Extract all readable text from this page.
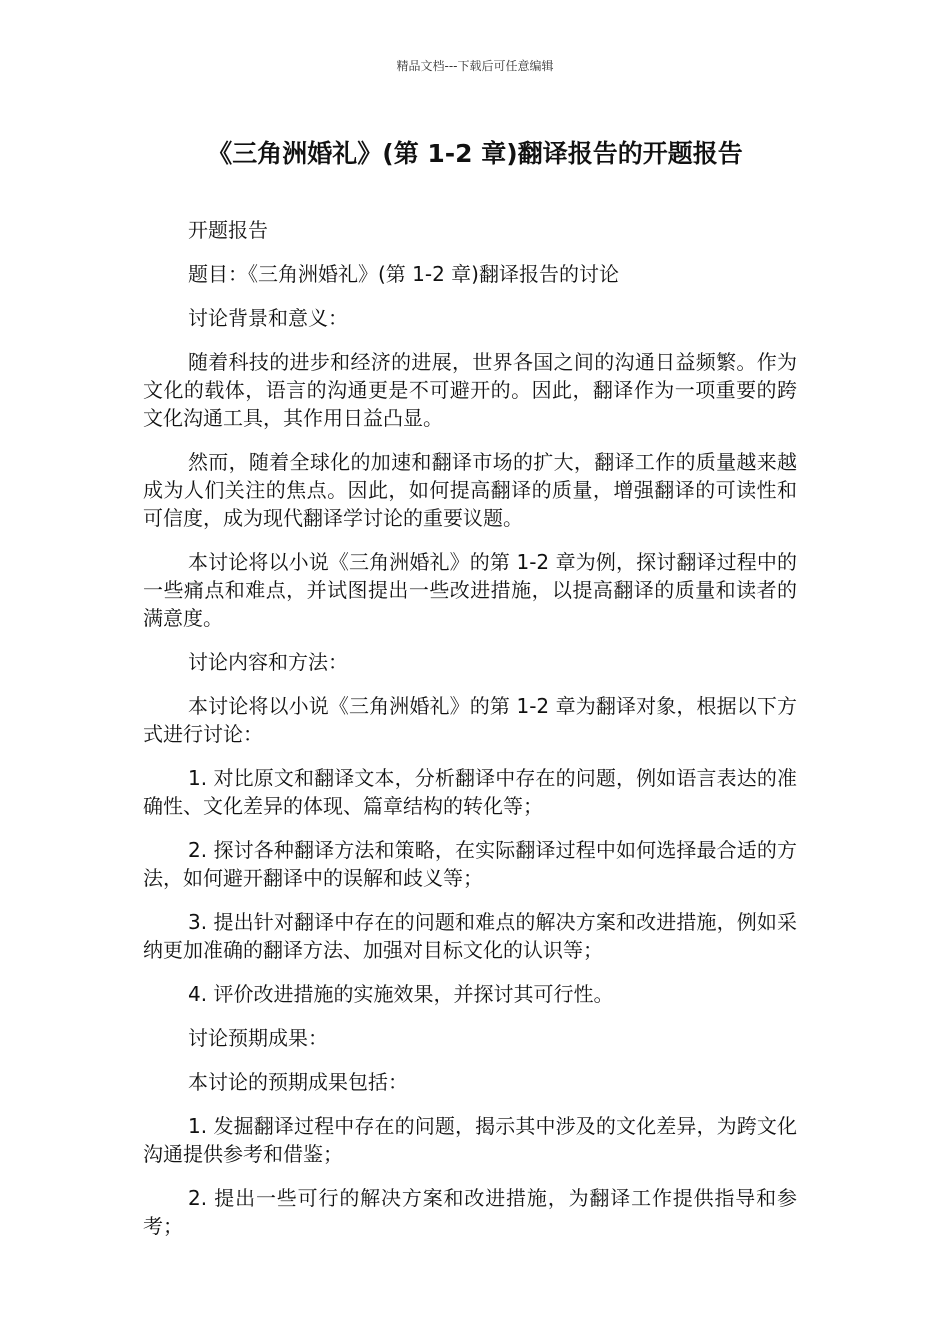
精品文档---下载后可任意编辑
《三角洲婚礼》(第 1-2 章)翻译报告的开题报告

开题报告

题目：《三角洲婚礼》(第 1-2 章)翻译报告的讨论

讨论背景和意义：

随着科技的进步和经济的进展，世界各国之间的沟通日益频繁。作为文化的载体，语言的沟通更是不可避开的。因此，翻译作为一项重要的跨文化沟通工具，其作用日益凸显。

然而，随着全球化的加速和翻译市场的扩大，翻译工作的质量越来越成为人们关注的焦点。因此，如何提高翻译的质量，增强翻译的可读性和可信度，成为现代翻译学讨论的重要议题。

本讨论将以小说《三角洲婚礼》的第 1-2 章为例，探讨翻译过程中的一些痛点和难点，并试图提出一些改进措施，以提高翻译的质量和读者的满意度。

讨论内容和方法：

本讨论将以小说《三角洲婚礼》的第 1-2 章为翻译对象，根据以下方式进行讨论：

1. 对比原文和翻译文本，分析翻译中存在的问题，例如语言表达的准确性、文化差异的体现、篇章结构的转化等；

2. 探讨各种翻译方法和策略，在实际翻译过程中如何选择最合适的方法，如何避开翻译中的误解和歧义等；

3. 提出针对翻译中存在的问题和难点的解决方案和改进措施，例如采纳更加准确的翻译方法、加强对目标文化的认识等；

4. 评价改进措施的实施效果，并探讨其可行性。

讨论预期成果：

本讨论的预期成果包括：

1. 发掘翻译过程中存在的问题，揭示其中涉及的文化差异，为跨文化沟通提供参考和借鉴；

2. 提出一些可行的解决方案和改进措施，为翻译工作提供指导和参考；
